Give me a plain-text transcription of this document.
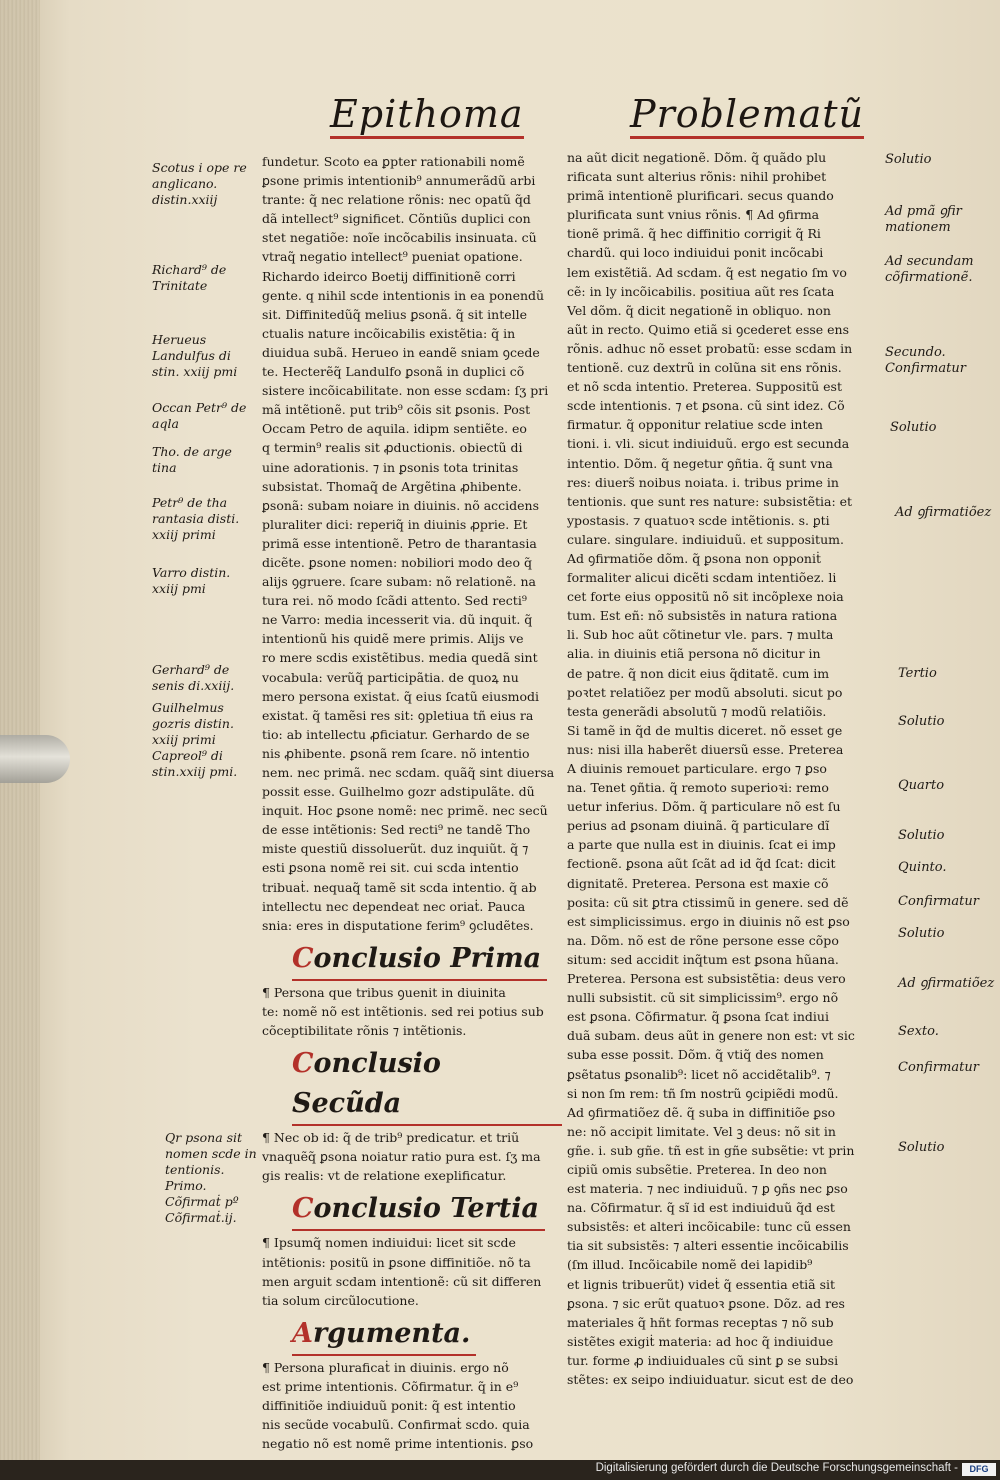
Epithoma	Problematũ
Scotus i ope re anglicano. distin.xxiij
Richard⁹ de Trinitate
Herueus Landulfus di stin. xxiij pmi
Occan Petr⁹ de aqla
Tho. de arge tina
Petr⁹ de tha rantasia disti. xxiij primi
Varro distin. xxiij pmi
Gerhard⁹ de senis di.xxiij.
Guilhelmus gozris distin. xxiij primi Capreol⁹ di stin.xxiij pmi.
Qr psona sit nomen scde in tentionis. Primo. Cõfirmaṫ pº Cõfirmaṫ.ij.
fundetur. Scoto ea ꝑpter rationabili nomẽ
ꝑsone primis intentionib⁹ annumerãdũ arbi
trante: q̃ nec relatione rõnis: nec opatũ q̃d
dã intellect⁹ significet. Cõntiũs duplici con
stet negatiõe: noĩe incõcabilis insinuata. cũ
vtraq̃ negatio intellect⁹ pueniat opatione.
Richardo ideirco Boetij diffinitionẽ corri
gente. q nihil scde intentionis in ea ponendũ
sit. Diffinitedũq̃ melius ꝑsonã. q̃ sit intelle
ctualis nature incõicabilis existẽtia: q̃ in
diuidua subã. Herueo in eandẽ sniam ꝯcede
te. Hecterẽq̃ Landulfo ꝑsonã in duplici cõ
sistere incõicabilitate. non esse scdam: ſʒ pri
mã intẽtionẽ. put trib⁹ cõis sit ꝑsonis. Post
Occam Petro de aquila. idipm sentiẽte. eo
q termin⁹ realis sit ꝓductionis. obiectũ di
uine adorationis. ⁊ in ꝑsonis tota trinitas
subsistat. Thomaq̃ de Argẽtina ꝓhibente.
ꝑsonã: subam noiare in diuinis. nõ accidens
pluraliter dici: reperiq̃ in diuinis ꝓprie. Et
primã esse intentionẽ. Petro de tharantasia
dicẽte. ꝑsone nomen: nobiliori modo deo q̃
alijs ꝯgruere. ſcare subam: nõ relationẽ. na
tura rei. nõ modo ſcãdi attento. Sed recti⁹
ne Varro: media incesserit via. dũ inquit. q̃
intentionũ his quidẽ mere primis. Alijs ve
ro mere scdis existẽtibus. media quedã sint
vocabula: verũq̃ participãtia. de quoꝝ nu
mero persona existat. q̃ eius ſcatũ eiusmodi
existat. q̃ tamẽsi res sit: ꝯpletiua tñ eius ra
tio: ab intellectu ꝓficiatur. Gerhardo de se
nis ꝓhibente. ꝑsonã rem ſcare. nõ intentio
nem. nec primã. nec scdam. quãq̃ sint diuersa
possit esse. Guilhelmo gozr adstipulãte. dũ
inquit. Hoc ꝑsone nomẽ: nec primẽ. nec secũ
de esse intẽtionis: Sed recti⁹ ne tandẽ Tho
miste questiũ dissoluerũt. duz inquiũt. q̃ ⁊
esti ꝑsona nomẽ rei sit. cui scda intentio
tribuaṫ. nequaq̃ tamẽ sit scda intentio. q̃ ab
intellectu nec dependeat nec oriaṫ. Pauca
snia: eres in disputatione ferim⁹ ꝯcludẽtes.
Conclusio Prima
¶ Persona que tribus ꝯuenit in diuinita
te: nomẽ nõ est intẽtionis. sed rei potius sub
cõceptibilitate rõnis ⁊ intẽtionis.
Conclusio Secũda
¶ Nec ob id: q̃ de trib⁹ predicatur. et triũ
vnaquẽq̃ ꝑsona noiatur ratio pura est. ſʒ ma
gis realis: vt de relatione exeplificatur.
Conclusio Tertia
¶ Ipsumq̃ nomen indiuidui: licet sit scde
intẽtionis: positũ in ꝑsone diffinitiõe. nõ ta
men arguit scdam intentionẽ: cũ sit differen
tia solum circũlocutione.
Argumenta.
¶ Persona pluraficaṫ in diuinis. ergo nõ
est prime intentionis. Cõfirmatur. q̃ in e⁹
diffinitiõe indiuiduũ ponit: q̃ est intentio
nis secũde vocabulũ. Confirmaṫ scdo. quia
negatio nõ est nomẽ prime intentionis. ꝑso
na aũt dicit negationẽ. Dõm. q̃ quãdo plu
rificata sunt alterius rõnis: nihil prohibet
primã intentionẽ plurificari. secus quando
plurificata sunt vnius rõnis. ¶ Ad ꝯfirma
tionẽ primã. q̃ hec diffinitio corrigiṫ q̃ Ri
chardũ. qui loco indiuidui ponit incõcabi
lem existẽtiã. Ad scdam. q̃ est negatio ſm vo
cẽ: in ly incõicabilis. positiua aũt res ſcata
Vel dõm. q̃ dicit negationẽ in obliquo. non
aũt in recto. Quimo etiã si ꝯcederet esse ens
rõnis. adhuc nõ esset probatũ: esse scdam in
tentionẽ. cuz dextrũ in colũna sit ens rõnis.
et nõ scda intentio. Preterea. Suppositũ est
scde intentionis. ⁊ et ꝑsona. cũ sint idez. Cõ
firmatur. q̃ opponitur relatiue scde inten
tioni. i. vli. sicut indiuiduũ. ergo est secunda
intentio. Dõm. q̃ negetur ꝯñtia. q̃ sunt vna
res: diuers̃ noibus noiata. i. tribus prime in
tentionis. que sunt res nature: subsistẽtia: et
ypostasis. ⁊ quatuoꝛ scde intẽtionis. s. ꝑti
culare. singulare. indiuiduũ. et suppositum.
Ad ꝯfirmatiõe dõm. q̃ ꝑsona non opponiṫ
formaliter alicui dicẽti scdam intentiõez. li
cet forte eius oppositũ nõ sit incõplexe noia
tum. Est eñ: nõ subsistẽs in natura rationa
li. Sub hoc aũt cõtinetur vle. pars. ⁊ multa
alia. in diuinis etiã persona nõ dicitur in
de patre. q̃ non dicit eius q̃ditatẽ. cum im
poꝛtet relatiõez per modũ absoluti. sicut po
testa generãdi absolutũ ⁊ modũ relatiõis.
Si tamẽ in q̃d de multis diceret. nõ esset ge
nus: nisi illa haberẽt diuersũ esse. Preterea
A diuinis remouet particulare. ergo ⁊ ꝑso
na. Tenet ꝯñtia. q̃ remoto superioꝛi: remo
uetur inferius. Dõm. q̃ particulare nõ est ſu
perius ad ꝑsonam diuinã. q̃ particulare dĩ
a parte que nulla est in diuinis. ſcat ei imp
fectionẽ. ꝑsona aũt ſcãt ad id q̃d ſcat: dicit
dignitatẽ. Preterea. Persona est maxie cõ
posita: cũ sit ꝑtra ctissimũ in genere. sed dẽ
est simplicissimus. ergo in diuinis nõ est ꝑso
na. Dõm. nõ est de rõne persone esse cõpo
situm: sed accidit inq̃tum est ꝑsona hũana.
Preterea. Persona est subsistẽtia: deus vero
nulli subsistit. cũ sit simplicissim⁹. ergo nõ
est ꝑsona. Cõfirmatur. q̃ ꝑsona ſcat indiui
duã subam. deus aũt in genere non est: vt sic
suba esse possit. Dõm. q̃ vtiq̃ des nomen
ꝑsẽtatus ꝑsonalib⁹: licet nõ accidẽtalib⁹. ⁊
si non ſm rem: tñ ſm nostrũ ꝯcipiẽdi modũ.
Ad ꝯfirmatiõez dẽ. q̃ suba in diffinitiõe ꝑso
ne: nõ accipit limitate. Vel ꝫ deus: nõ sit in
gñe. i. sub gñe. tñ est in gñe subsẽtie: vt prin
cipiũ omis subsẽtie. Preterea. In deo non
est materia. ⁊ nec indiuiduũ. ⁊ ꝑ ꝯñs nec ꝑso
na. Cõfirmatur. q̃ sĩ id est indiuiduũ q̃d est
subsistẽs: et alteri incõicabile: tunc cũ essen
tia sit subsistẽs: ⁊ alteri essentie incõicabilis
(ſm illud. Incõicabile nomẽ dei lapidib⁹
et lignis tribuerũt) videṫ q̃ essentia etiã sit
ꝑsona. ⁊ sic erũt quatuoꝛ ꝑsone. Dõz. ad res
materiales q̃ hñt formas receptas ⁊ nõ sub
sistẽtes exigiṫ materia: ad hoc q̃ indiuidue
tur. forme ꝓ indiuiduales cũ sint ꝑ se subsi
stẽtes: ex seipo indiuiduatur. sicut est de deo
Solutio
Ad pmã ꝯfir mationem
Ad secundam cõfirmationẽ.
Secundo. Confirmatur
Solutio
Ad ꝯfirmatiõez
Tertio
Solutio
Quarto
Solutio
Quinto.
Confirmatur
Solutio
Ad ꝯfirmatiõez
Sexto.
Confirmatur
Solutio
Digitalisierung gefördert durch die Deutsche Forschungsgemeinschaft -	DFG
